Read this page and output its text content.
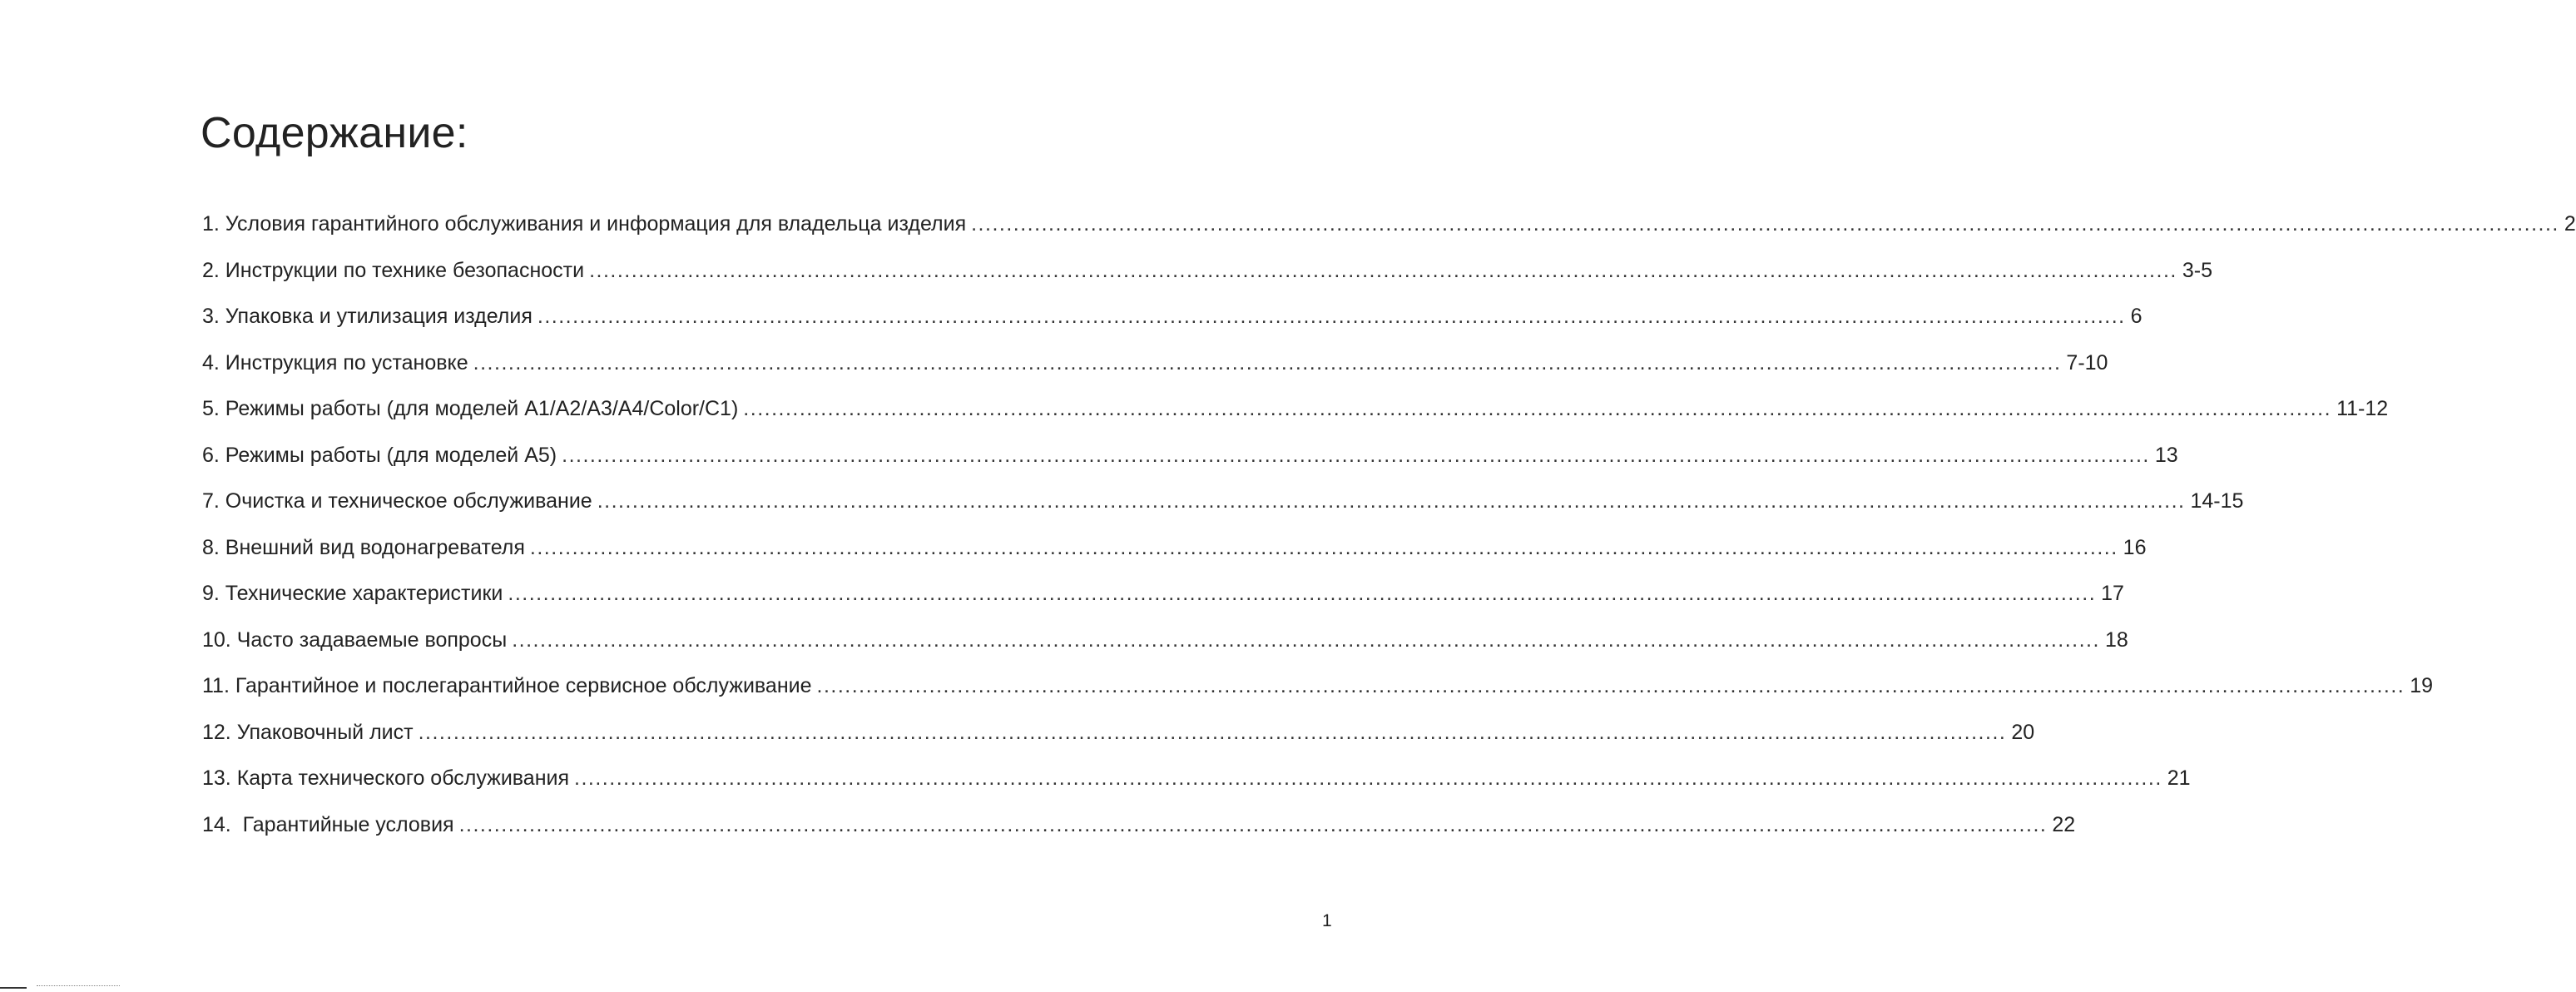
Содержание:
1. Условия гарантийного обслуживания и информация для владельца изделия .................................................................................................................................................................................................................................. 2
2. Инструкции по технике безопасности .................................................................................................................................................................................................................................. 3-5
3. Упаковка и утилизация изделия .................................................................................................................................................................................................................................. 6
4. Инструкция по установке .................................................................................................................................................................................................................................. 7-10
5. Режимы работы (для моделей A1/A2/A3/A4/Color/C1) .................................................................................................................................................................................................................................. 11-12
6. Режимы работы (для моделей A5) .................................................................................................................................................................................................................................. 13
7. Очистка и техническое обслуживание .................................................................................................................................................................................................................................. 14-15
8. Внешний вид водонагревателя .................................................................................................................................................................................................................................. 16
9. Технические характеристики .................................................................................................................................................................................................................................. 17
10. Часто задаваемые вопросы .................................................................................................................................................................................................................................. 18
11. Гарантийное и послегарантийное сервисное обслуживание .................................................................................................................................................................................................................................. 19
12. Упаковочный лист .................................................................................................................................................................................................................................. 20
13. Карта технического обслуживания .................................................................................................................................................................................................................................. 21
14.  Гарантийные условия .................................................................................................................................................................................................................................. 22
1
